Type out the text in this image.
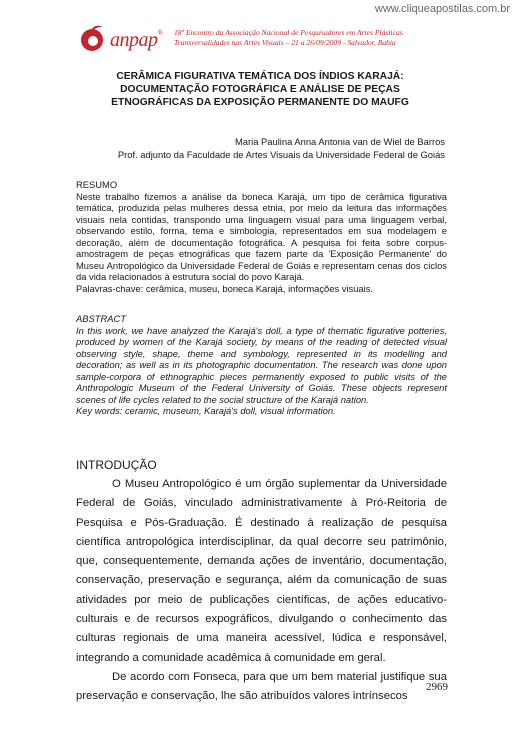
www.cliqueapostilas.com.br
anpap® 18º Encontro da Associação Nacional de Pesquisadores em Artes Plásticas
Transversalidades nas Artes Visuais – 21 a 26/09/2009 - Salvador, Bahia
CERÂMICA FIGURATIVA TEMÁTICA DOS ÍNDIOS KARAJÁ:
DOCUMENTAÇÃO FOTOGRÁFICA E ANÁLISE DE PEÇAS
ETNOGRÁFICAS DA EXPOSIÇÃO PERMANENTE DO MAUFG
Maria Paulina Anna Antonia van de Wiel de Barros
Prof. adjunto da Faculdade de Artes Visuais da Universidade Federal de Goiás
RESUMO
Neste trabalho fizemos a análise da boneca Karajá, um tipo de cerâmica figurativa temática, produzida pelas mulheres dessa etnia, por meio da leitura das informações visuais nela contidas, transpondo uma linguagem visual para uma linguagem verbal, observando estilo, forma, tema e simbologia, representados em sua modelagem e decoração, além de documentação fotográfica. A pesquisa foi feita sobre corpus-amostragem de peças etnográficas que fazem parte da 'Exposição Permanente' do Museu Antropológico da Universidade Federal de Goiás e representam cenas dos ciclos da vida relacionados à estrutura social do povo Karajá.
Palavras-chave: cerâmica, museu, boneca Karajá, informações visuais.
ABSTRACT
In this work, we have analyzed the Karajá's doll, a type of thematic figurative potteries, produced by women of the Karajá society, by means of the reading of detected visual observing style, shape, theme and symbology, represented in its modelling and decoration; as well as in its photographic documentation. The research was done upon sample-corpora of ethnographic pieces permanently exposed to public visits of the Anthropologic Museum of the Federal University of Goiás. These objects represent scenes of life cycles related to the social structure of the Karajá nation.
Key words: ceramic, museum, Karajá's doll, visual information.
INTRODUÇÃO

O Museu Antropológico é um órgão suplementar da Universidade Federal de Goiás, vinculado administrativamente à Pró-Reitoria de Pesquisa e Pós-Graduação. É destinado à realização de pesquisa científica antropológica interdisciplinar, da qual decorre seu patrimônio, que, consequentemente, demanda ações de inventário, documentação, conservação, preservação e segurança, além da comunicação de suas atividades por meio de publicações científicas, de ações educativo-culturais e de recursos expográficos, divulgando o conhecimento das culturas regionais de uma maneira acessível, lúdica e responsável, integrando a comunidade acadêmica à comunidade em geral.

De acordo com Fonseca, para que um bem material justifique sua preservação e conservação, lhe são atribuídos valores intrínsecos

2969
